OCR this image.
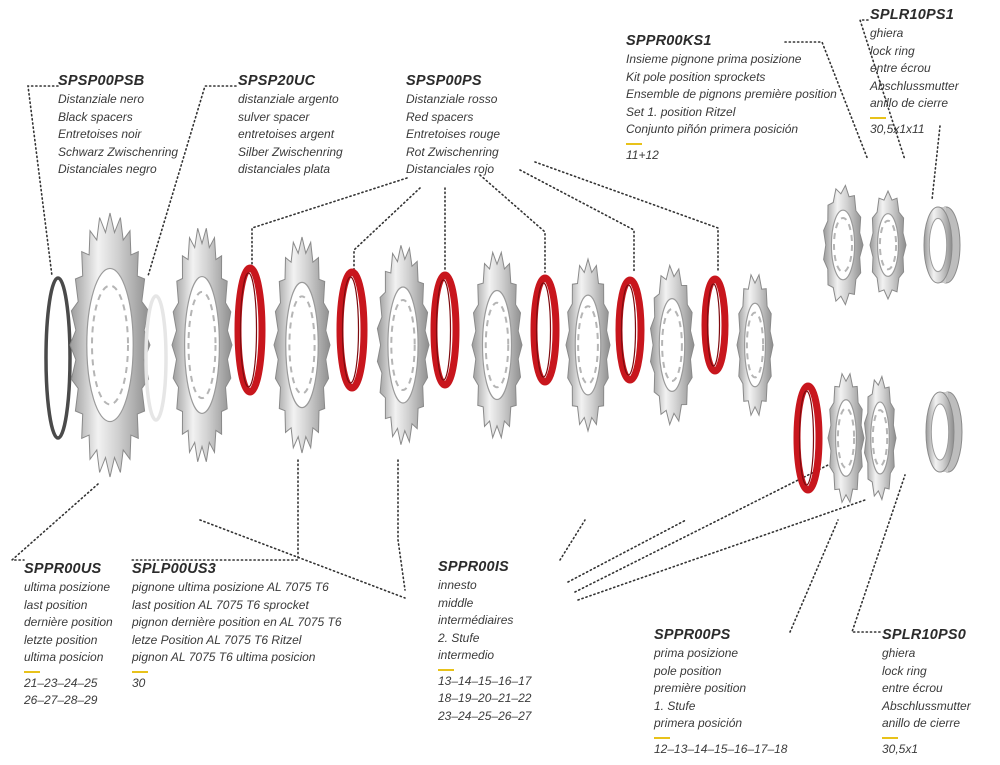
SPSP00PSB
Distanziale nero
Black spacers
Entretoises noir
Schwarz Zwischenring
Distanciales negro
SPSP20UC
distanziale argento
sulver spacer
entretoises argent
Silber Zwischenring
distanciales plata
SPSP00PS
Distanziale rosso
Red spacers
Entretoises rouge
Rot Zwischenring
Distanciales rojo
SPPR00KS1
Insieme pignone prima posizione
Kit pole position sprockets
Ensemble de pignons première position
Set 1. position Ritzel
Conjunto piñón primera posición
11+12
SPLR10PS1
ghiera
lock ring
entre écrou
Abschlussmutter
anillo de cierre
30,5x1x11
SPPR00US
ultima posizione
last position
dernière position
letzte position
ultima posicion
21–23–24–25
26–27–28–29
SPLP00US3
pignone ultima posizione AL 7075 T6
last position AL 7075 T6 sprocket
pignon dernière position en AL 7075 T6
letze Position AL 7075 T6 Ritzel
pignon AL 7075 T6 ultima posicion
30
SPPR00IS
innesto
middle
intermédiaires
2. Stufe
intermedio
13–14–15–16–17
18–19–20–21–22
23–24–25–26–27
SPPR00PS
prima posizione
pole position
première position
1. Stufe
primera posición
12–13–14–15–16–17–18
SPLR10PS0
ghiera
lock ring
entre écrou
Abschlussmutter
anillo de cierre
30,5x1
